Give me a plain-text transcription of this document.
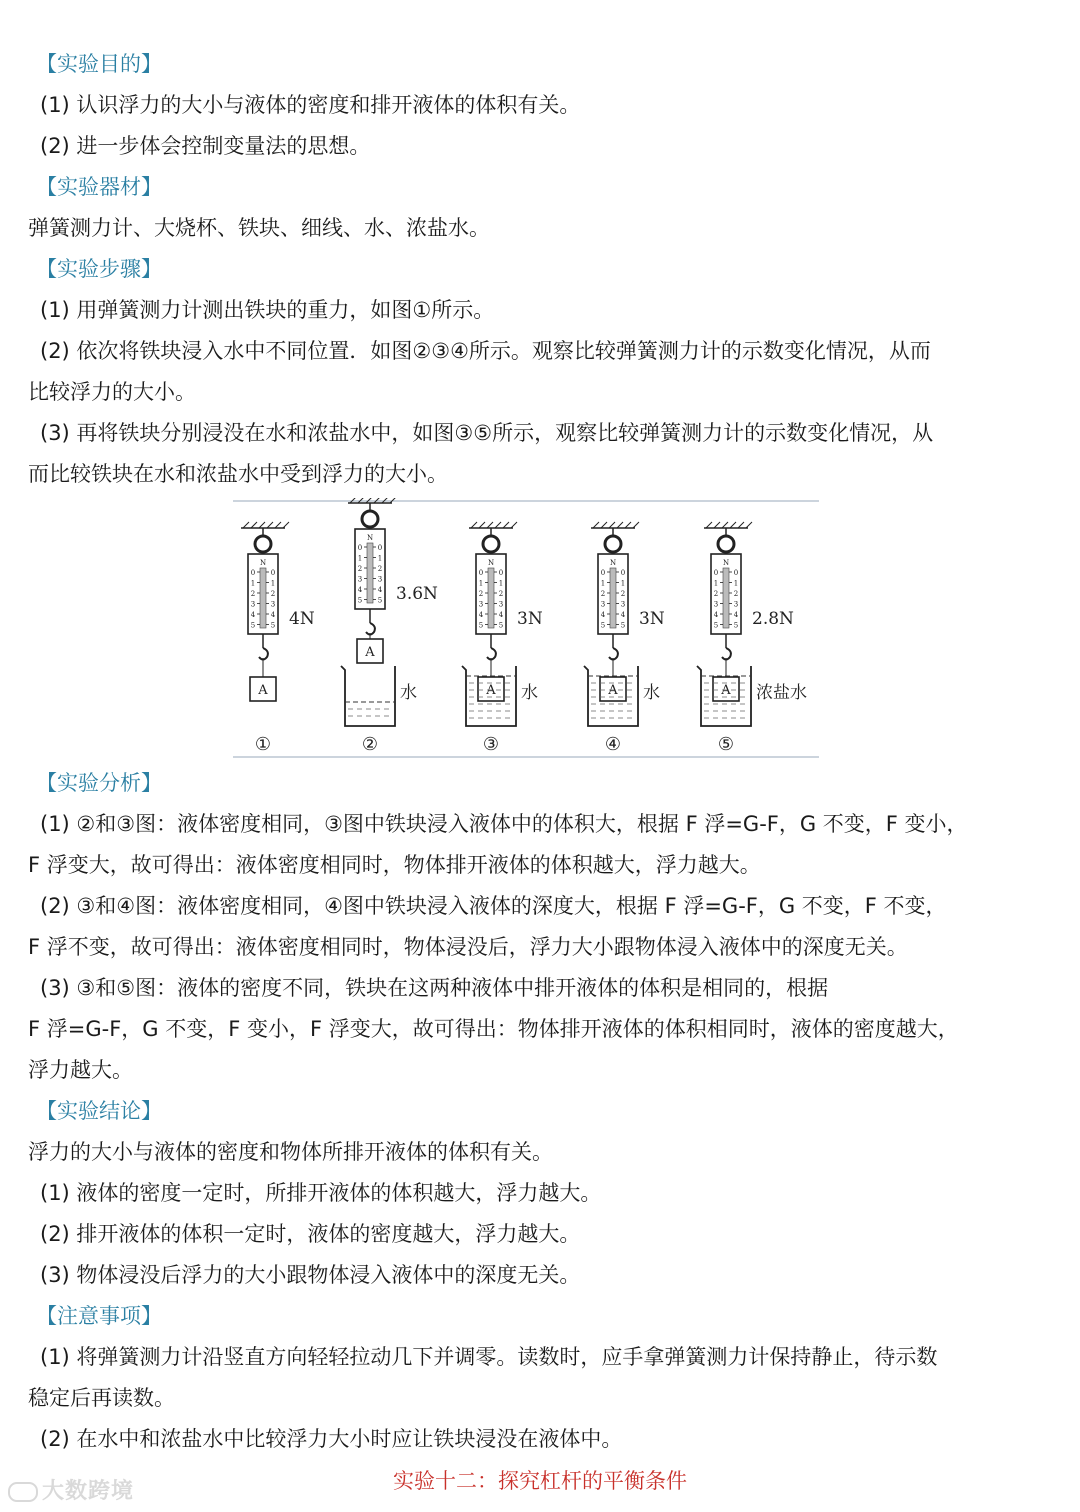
【实验目的】
(1) 认识浮力的大小与液体的密度和排开液体的体积有关。
(2) 进一步体会控制变量法的思想。
【实验器材】
弹簧测力计、大烧杯、铁块、细线、水、浓盐水。
【实验步骤】
(1) 用弹簧测力计测出铁块的重力，如图①所示。
(2) 依次将铁块浸入水中不同位置．如图②③④所示。观察比较弹簧测力计的示数变化情况，从而
比较浮力的大小。
(3) 再将铁块分别浸没在水和浓盐水中，如图③⑤所示，观察比较弹簧测力计的示数变化情况，从
而比较铁块在水和浓盐水中受到浮力的大小。
N
0 0
1 1
2 2
3 3
4 4
5 5 4N
A
①
N
0 0
1 1
2 2
3 3
4 4
5 5 3.6N
A
水
②
N
0 0
1 1
2 2
3 3
4 4
5 5 3N
A 水
③
N
0 0
1 1
2 2
3 3
4 4
5 5 3N
A 水
④
N
0 0
1 1
2 2
3 3
4 4
5 5 2.8N
A 浓盐水
⑤
【实验分析】
(1) ②和③图：液体密度相同，③图中铁块浸入液体中的体积大，根据 F 浮=G-F，G 不变，F 变小，
F 浮变大，故可得出：液体密度相同时，物体排开液体的体积越大，浮力越大。
(2) ③和④图：液体密度相同，④图中铁块浸入液体的深度大，根据 F 浮=G-F，G 不变，F 不变，
F 浮不变，故可得出：液体密度相同时，物体浸没后，浮力大小跟物体浸入液体中的深度无关。
(3) ③和⑤图：液体的密度不同，铁块在这两种液体中排开液体的体积是相同的，根据
F 浮=G-F，G 不变，F 变小，F 浮变大，故可得出：物体排开液体的体积相同时，液体的密度越大，
浮力越大。
【实验结论】
浮力的大小与液体的密度和物体所排开液体的体积有关。
(1) 液体的密度一定时，所排开液体的体积越大，浮力越大。
(2) 排开液体的体积一定时，液体的密度越大，浮力越大。
(3) 物体浸没后浮力的大小跟物体浸入液体中的深度无关。
【注意事项】
(1) 将弹簧测力计沿竖直方向轻轻拉动几下并调零。读数时，应手拿弹簧测力计保持静止，待示数
稳定后再读数。
(2) 在水中和浓盐水中比较浮力大小时应让铁块浸没在液体中。
实验十二：探究杠杆的平衡条件
大数跨境
